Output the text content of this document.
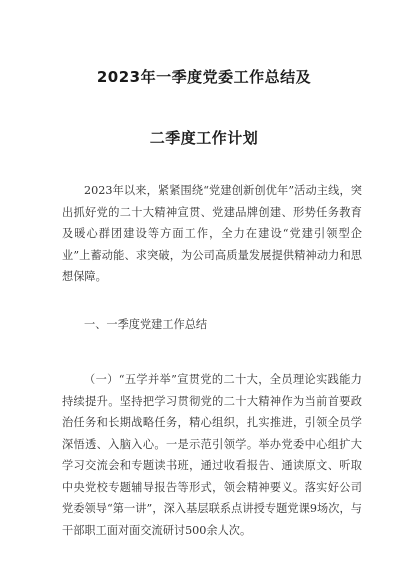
2023年一季度党委工作总结及
二季度工作计划

2023年以来，紧紧围绕“党建创新创优年”活动主线，突出抓好党的二十大精神宣贯、党建品牌创建、形势任务教育及暖心群团建设等方面工作，全力在建设“党建引领型企业”上蓄动能、求突破，为公司高质量发展提供精神动力和思想保障。

一、一季度党建工作总结

（一）“五学并举”宣贯党的二十大，全员理论实践能力持续提升。坚持把学习贯彻党的二十大精神作为当前首要政治任务和长期战略任务，精心组织，扎实推进，引领全员学深悟透、入脑入心。一是示范引领学。举办党委中心组扩大学习交流会和专题读书班，通过收看报告、通读原文、听取中央党校专题辅导报告等形式，领会精神要义。落实好公司党委领导“第一讲”，深入基层联系点讲授专题党课9场次，与干部职工面对面交流研讨500余人次。
